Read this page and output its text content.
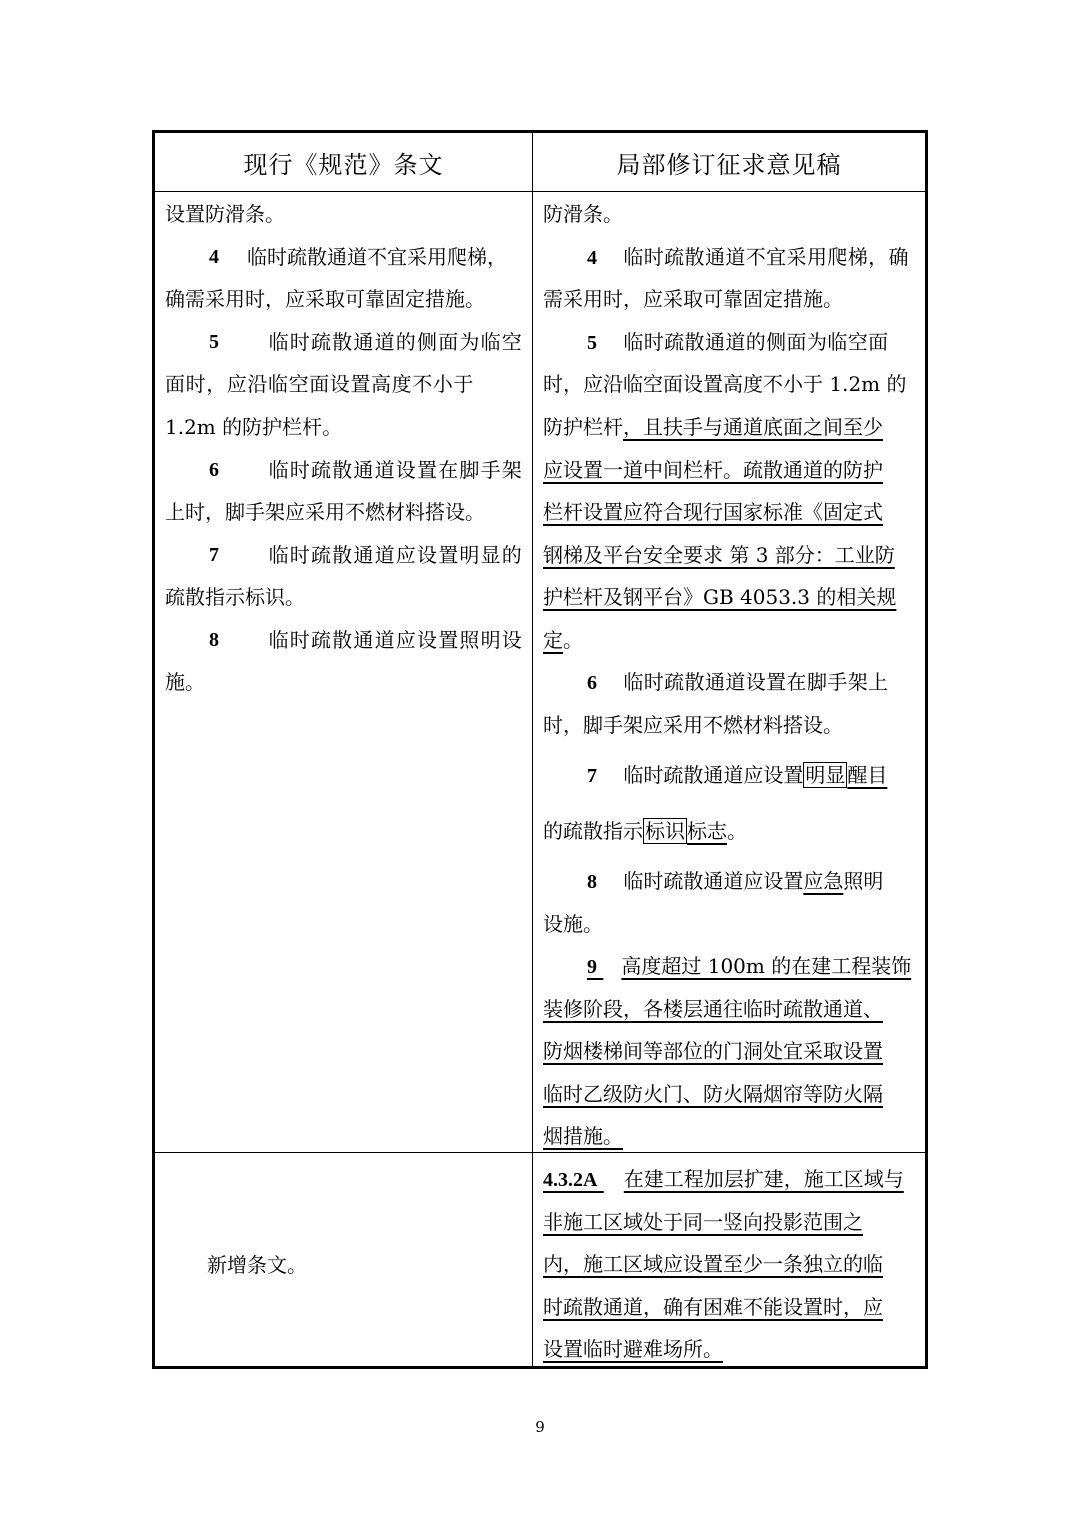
现行《规范》条文	局部修订征求意见稿
设置防滑条。
4 临时疏散通道不宜采用爬梯，
确需采用时，应采取可靠固定措施。
5 临时疏散通道的侧面为临空
面时，应沿临空面设置高度不小于
1.2m 的防护栏杆。
6 临时疏散通道设置在脚手架
上时，脚手架应采用不燃材料搭设。
7 临时疏散通道应设置明显的
疏散指示标识。
8 临时疏散通道应设置照明设
施。
防滑条。
4 临时疏散通道不宜采用爬梯，确
需采用时，应采取可靠固定措施。
5 临时疏散通道的侧面为临空面
时，应沿临空面设置高度不小于 1.2m 的
防护栏杆，且扶手与通道底面之间至少
应设置一道中间栏杆。疏散通道的防护
栏杆设置应符合现行国家标准《固定式
钢梯及平台安全要求 第 3 部分：工业防
护栏杆及钢平台》GB 4053.3 的相关规
定。
6 临时疏散通道设置在脚手架上
时，脚手架应采用不燃材料搭设。
7 临时疏散通道应设置 明显 醒目
的疏散指示 标识 标志。
8 临时疏散通道应设置应急照明
设施。
9 高度超过 100m 的在建工程装饰
装修阶段，各楼层通往临时疏散通道、
防烟楼梯间等部位的门洞处宜采取设置
临时乙级防火门、防火隔烟帘等防火隔
烟措施。
新增条文。
4.3.2A 在建工程加层扩建，施工区域与
非施工区域处于同一竖向投影范围之
内，施工区域应设置至少一条独立的临
时疏散通道，确有困难不能设置时，应
设置临时避难场所。
9
